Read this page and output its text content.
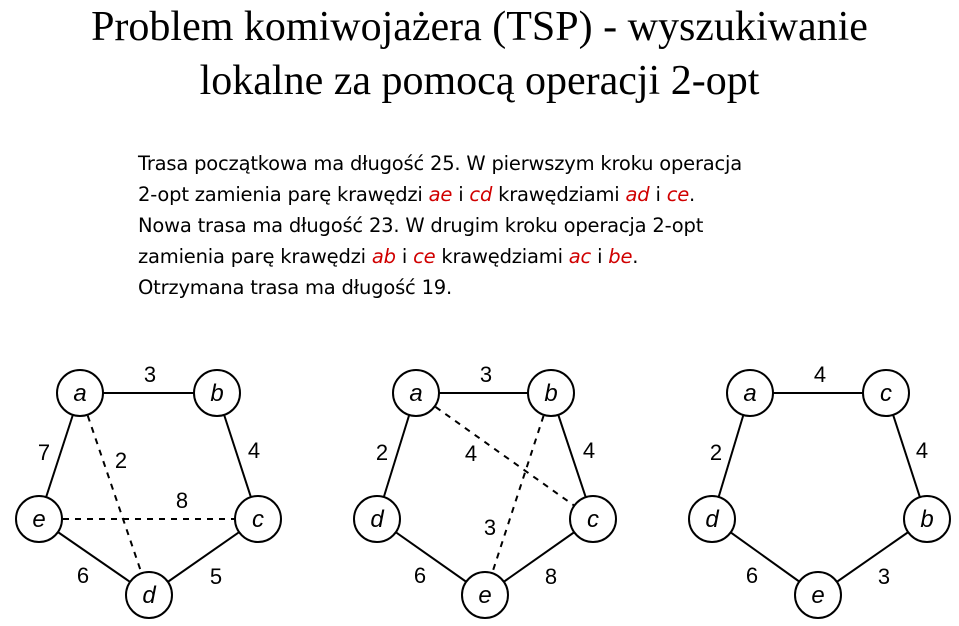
Problem komiwojażera (TSP) - wyszukiwanie
lokalne za pomocą operacji 2-opt
Trasa początkowa ma długość 25. W pierwszym kroku operacja
2-opt zamienia parę krawędzi ae i cd krawędziami ad i ce.
Nowa trasa ma długość 23. W drugim kroku operacja 2-opt
zamienia parę krawędzi ab i ce krawędziami ac i be.
Otrzymana trasa ma długość 19.
a	b
c
d
e
3
4
5
6
7	2
8
a	b
c
e
d
3
4
8
6
2	4
3
a	c
b
e
d
4
4
3
6
2
